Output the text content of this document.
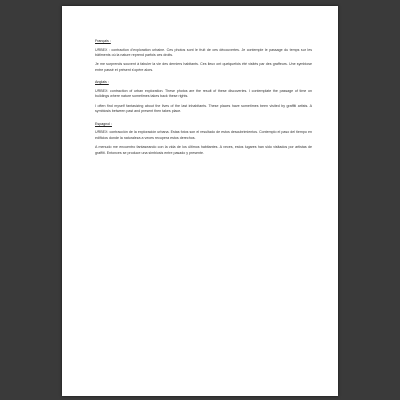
Français :
URBEX : contraction d'exploration urbaine. Ces photos sont le fruit de ces découvertes. Je contemple le passage du temps sur les bâtiments où la nature reprend parfois ces droits.
Je me surprends souvent à fabuler la vie des derniers habitants. Ces lieux ont quelquefois été visités par des graffeurs. Une symbiose entre passé et présent s'opère alors.
Anglais :
URBEX: contraction of urban exploration. These photos are the result of these discoveries. I contemplate the passage of time on buildings where nature sometimes takes back these rights.
I often find myself fantasizing about the lives of the last inhabitants. These places have sometimes been visited by graffiti artists. A symbiosis between past and present then takes place.
Espagnol :
URBEX: contracción de la exploración urbana. Estas fotos son el resultado de estos descubrimientos. Contemplo el paso del tiempo en edificios donde la naturaleza a veces recupera estos derechos.
A menudo me encuentro fantaseando con la vida de los últimos habitantes. A veces, estos lugares han sido visitados por artistas de graffiti. Entonces se produce una simbiosis entre pasado y presente.
